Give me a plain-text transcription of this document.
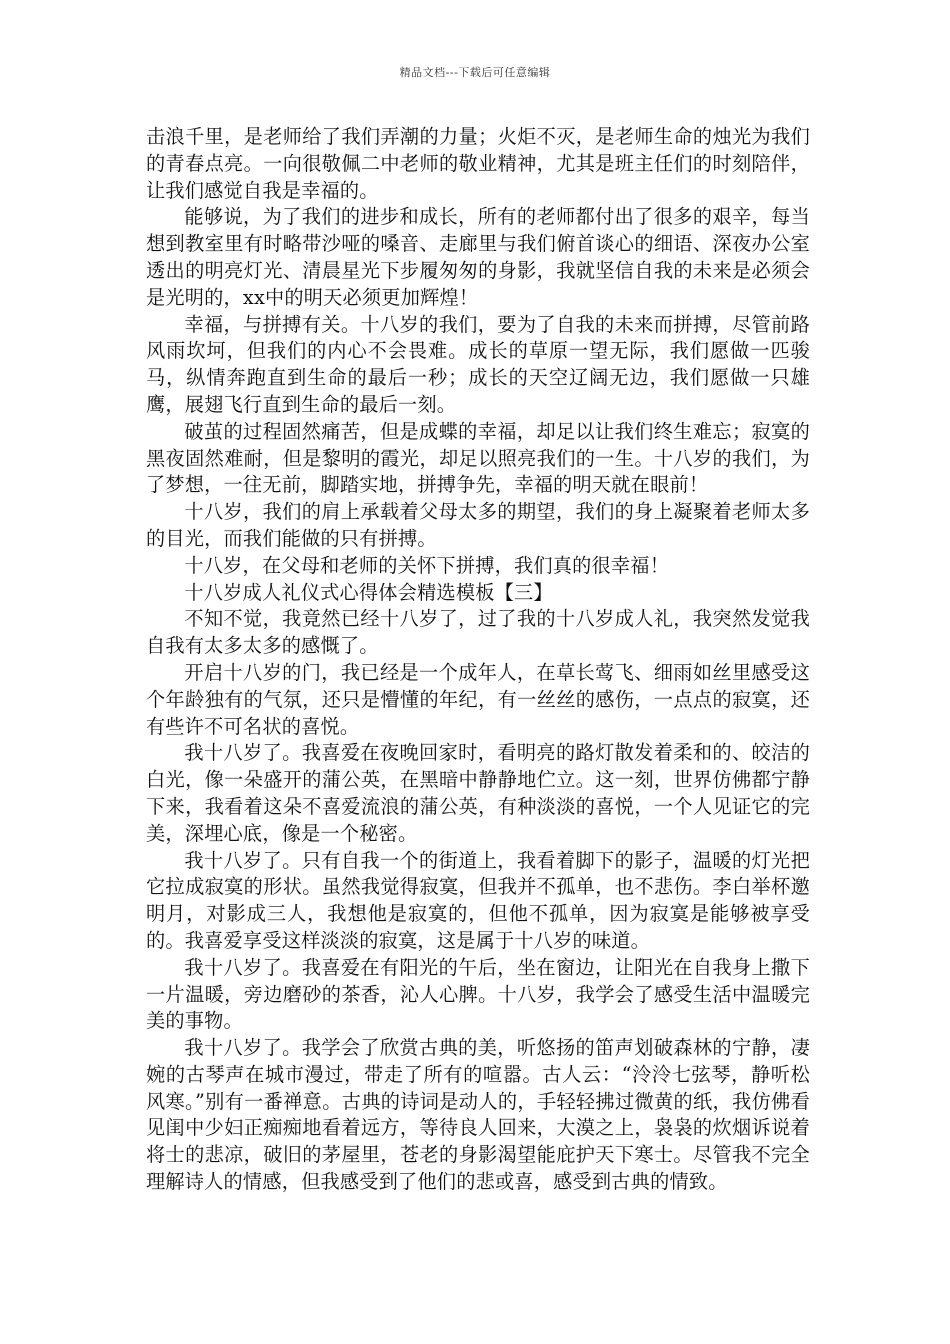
精品文档---下载后可任意编辑

击浪千里，是老师给了我们弄潮的力量；火炬不灭，是老师生命的烛光为我们的青春点亮。一向很敬佩二中老师的敬业精神，尤其是班主任们的时刻陪伴，让我们感觉自我是幸福的。

能够说，为了我们的进步和成长，所有的老师都付出了很多的艰辛，每当想到教室里有时略带沙哑的嗓音、走廊里与我们俯首谈心的细语、深夜办公室透出的明亮灯光、清晨星光下步履匆匆的身影，我就坚信自我的未来是必须会是光明的，xx中的明天必须更加辉煌！

幸福，与拼搏有关。十八岁的我们，要为了自我的未来而拼搏，尽管前路风雨坎坷，但我们的内心不会畏难。成长的草原一望无际，我们愿做一匹骏马，纵情奔跑直到生命的最后一秒；成长的天空辽阔无边，我们愿做一只雄鹰，展翅飞行直到生命的最后一刻。

破茧的过程固然痛苦，但是成蝶的幸福，却足以让我们终生难忘；寂寞的黑夜固然难耐，但是黎明的霞光，却足以照亮我们的一生。十八岁的我们，为了梦想，一往无前，脚踏实地，拼搏争先，幸福的明天就在眼前！

十八岁，我们的肩上承载着父母太多的期望，我们的身上凝聚着老师太多的目光，而我们能做的只有拼搏。

十八岁，在父母和老师的关怀下拼搏，我们真的很幸福！

十八岁成人礼仪式心得体会精选模板【三】

不知不觉，我竟然已经十八岁了，过了我的十八岁成人礼，我突然发觉我自我有太多太多的感慨了。

开启十八岁的门，我已经是一个成年人，在草长莺飞、细雨如丝里感受这个年龄独有的气氛，还只是懵懂的年纪，有一丝丝的感伤，一点点的寂寞，还有些许不可名状的喜悦。

我十八岁了。我喜爱在夜晚回家时，看明亮的路灯散发着柔和的、皎洁的白光，像一朵盛开的蒲公英，在黑暗中静静地伫立。这一刻，世界仿佛都宁静下来，我看着这朵不喜爱流浪的蒲公英，有种淡淡的喜悦，一个人见证它的完美，深埋心底，像是一个秘密。

我十八岁了。只有自我一个的街道上，我看着脚下的影子，温暖的灯光把它拉成寂寞的形状。虽然我觉得寂寞，但我并不孤单，也不悲伤。李白举杯邀明月，对影成三人，我想他是寂寞的，但他不孤单，因为寂寞是能够被享受的。我喜爱享受这样淡淡的寂寞，这是属于十八岁的味道。

我十八岁了。我喜爱在有阳光的午后，坐在窗边，让阳光在自我身上撒下一片温暖，旁边磨砂的茶香，沁人心脾。十八岁，我学会了感受生活中温暖完美的事物。

我十八岁了。我学会了欣赏古典的美，听悠扬的笛声划破森林的宁静，凄婉的古琴声在城市漫过，带走了所有的喧嚣。古人云：“泠泠七弦琴，静听松风寒。”别有一番禅意。古典的诗词是动人的，手轻轻拂过微黄的纸，我仿佛看见闺中少妇正痴痴地看着远方，等待良人回来，大漠之上，袅袅的炊烟诉说着将士的悲凉，破旧的茅屋里，苍老的身影渴望能庇护天下寒士。尽管我不完全理解诗人的情感，但我感受到了他们的悲或喜，感受到古典的情致。
